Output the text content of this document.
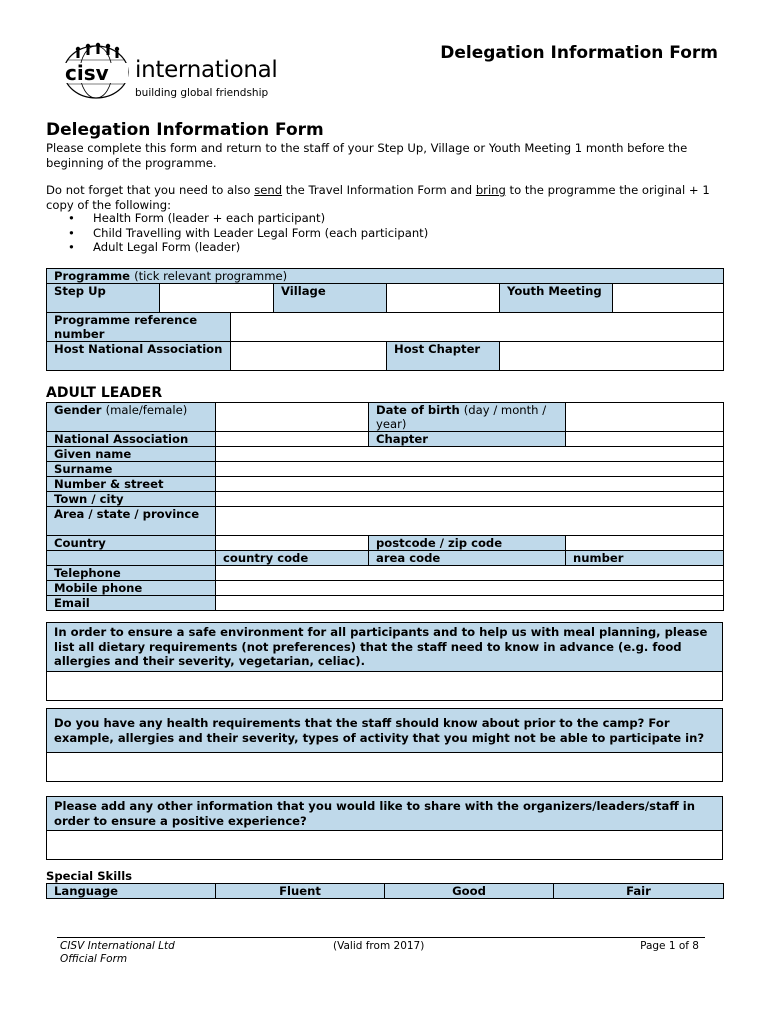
cisv international
building global friendship
Delegation Information Form
Delegation Information Form
Please complete this form and return to the staff of your Step Up, Village or Youth Meeting 1 month before the beginning of the programme.
Do not forget that you need to also send the Travel Information Form and bring to the programme the original + 1 copy of the following:
• Health Form (leader + each participant)
• Child Travelling with Leader Legal Form (each participant)
• Adult Legal Form (leader)
Programme (tick relevant programme)						
Step Up			Village		Youth Meeting	
Programme reference number						
Host National Association				Host Chapter		
ADULT LEADER
Gender (male/female)		Date of birth (day / month / year)	
National Association		Chapter	
Given name			
Surname			
Number & street			
Town / city			
Area / state / province			
Country		postcode / zip code	
	country code	area code	number
Telephone			
Mobile phone			
Email			
In order to ensure a safe environment for all participants and to help us with meal planning, please list all dietary requirements (not preferences) that the staff need to know in advance (e.g. food allergies and their severity, vegetarian, celiac).

Do you have any health requirements that the staff should know about prior to the camp? For example, allergies and their severity, types of activity that you might not be able to participate in?

Please add any other information that you would like to share with the organizers/leaders/staff in order to ensure a positive experience?

Special Skills
Language	Fluent	Good	Fair
CISV International Ltd
Official Form
(Valid from 2017)	Page 1 of 8
